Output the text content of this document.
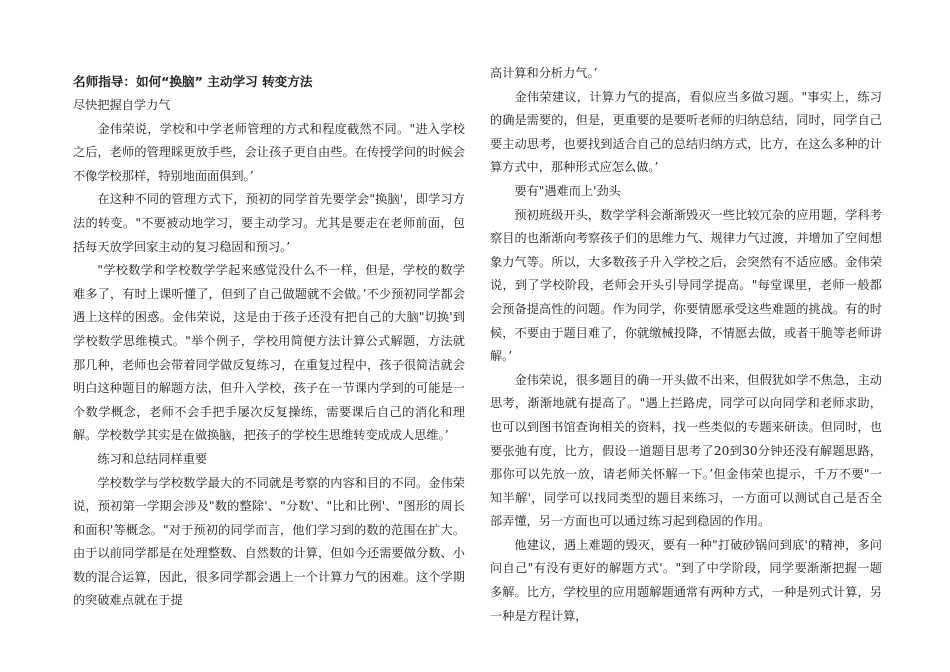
名师指导：如何“换脑” 主动学习 转变方法

尽快把握自学力气

金伟荣说，学校和中学老师管理的方式和程度截然不同。"进入学校之后，老师的管理睬更放手些，会让孩子更自由些。在传授学问的时候会不像学校那样，特别地面面俱到。’

在这种不同的管理方式下，预初的同学首先要学会"换脑'，即学习方法的转变。"不要被动地学习，要主动学习。尤其是要走在老师前面，包括每天放学回家主动的复习稳固和预习。’

"学校数学和学校数学学起来感觉没什么不一样，但是，学校的数学难多了，有时上课听懂了，但到了自己做题就不会做。’不少预初同学都会遇上这样的困惑。金伟荣说，这是由于孩子还没有把自己的大脑"切换'到学校数学思维模式。"举个例子，学校用简便方法计算公式解题，方法就那几种，老师也会带着同学做反复练习，在重复过程中，孩子很简洁就会明白这种题目的解题方法，但升入学校，孩子在一节课内学到的可能是一个数学概念，老师不会手把手屡次反复操练，需要课后自己的消化和理解。学校数学其实是在做换脑，把孩子的学校生思维转变成成人思维。’

练习和总结同样重要

学校数学与学校数学最大的不同就是考察的内容和目的不同。金伟荣说，预初第一学期会涉及"数的整除'、"分数'、"比和比例'、"图形的周长和面积'等概念。"对于预初的同学而言，他们学习到的数的范围在扩大。由于以前同学都是在处理整数、自然数的计算，但如今还需要做分数、小数的混合运算，因此，很多同学都会遇上一个计算力气的困难。这个学期的突破难点就在于提

高计算和分析力气。’

金伟荣建议，计算力气的提高，看似应当多做习题。"事实上，练习的确是需要的，但是，更重要的是要听老师的归纳总结，同时，同学自己要主动思考，也要找到适合自己的总结归纳方式，比方，在这么多种的计算方式中，那种形式应怎么做。’

要有"遇难而上'劲头

预初班级开头，数学学科会渐渐毁灭一些比较冗杂的应用题，学科考察目的也渐渐向考察孩子们的思维力气、规律力气过渡，并增加了空间想象力气等。所以，大多数孩子升入学校之后，会突然有不适应感。金伟荣说，到了学校阶段，老师会开头引导同学提高。"每堂课里，老师一般都会预备提高性的问题。作为同学，你要情愿承受这些难题的挑战。有的时候，不要由于题目难了，你就缴械投降，不情愿去做，或者干脆等老师讲解。’

金伟荣说，很多题目的确一开头做不出来，但假犹如学不焦急，主动思考，渐渐地就有提高了。"遇上拦路虎，同学可以向同学和老师求助，也可以到图书馆查询相关的资料，找一些类似的专题来研读。但同时，也要张弛有度，比方，假设一道题目思考了20到30分钟还没有解题思路，那你可以先放一放，请老师关怀解一下。’但金伟荣也提示，千万不要"一知半解'，同学可以找同类型的题目来练习，一方面可以测试自己是否全部弄懂，另一方面也可以通过练习起到稳固的作用。

他建议，遇上难题的毁灭，要有一种"打破砂锅问到底'的精神，多问问自己"有没有更好的解题方式'。"到了中学阶段，同学要渐渐把握一题多解。比方，学校里的应用题解题通常有两种方式，一种是列式计算，另一种是方程计算，
